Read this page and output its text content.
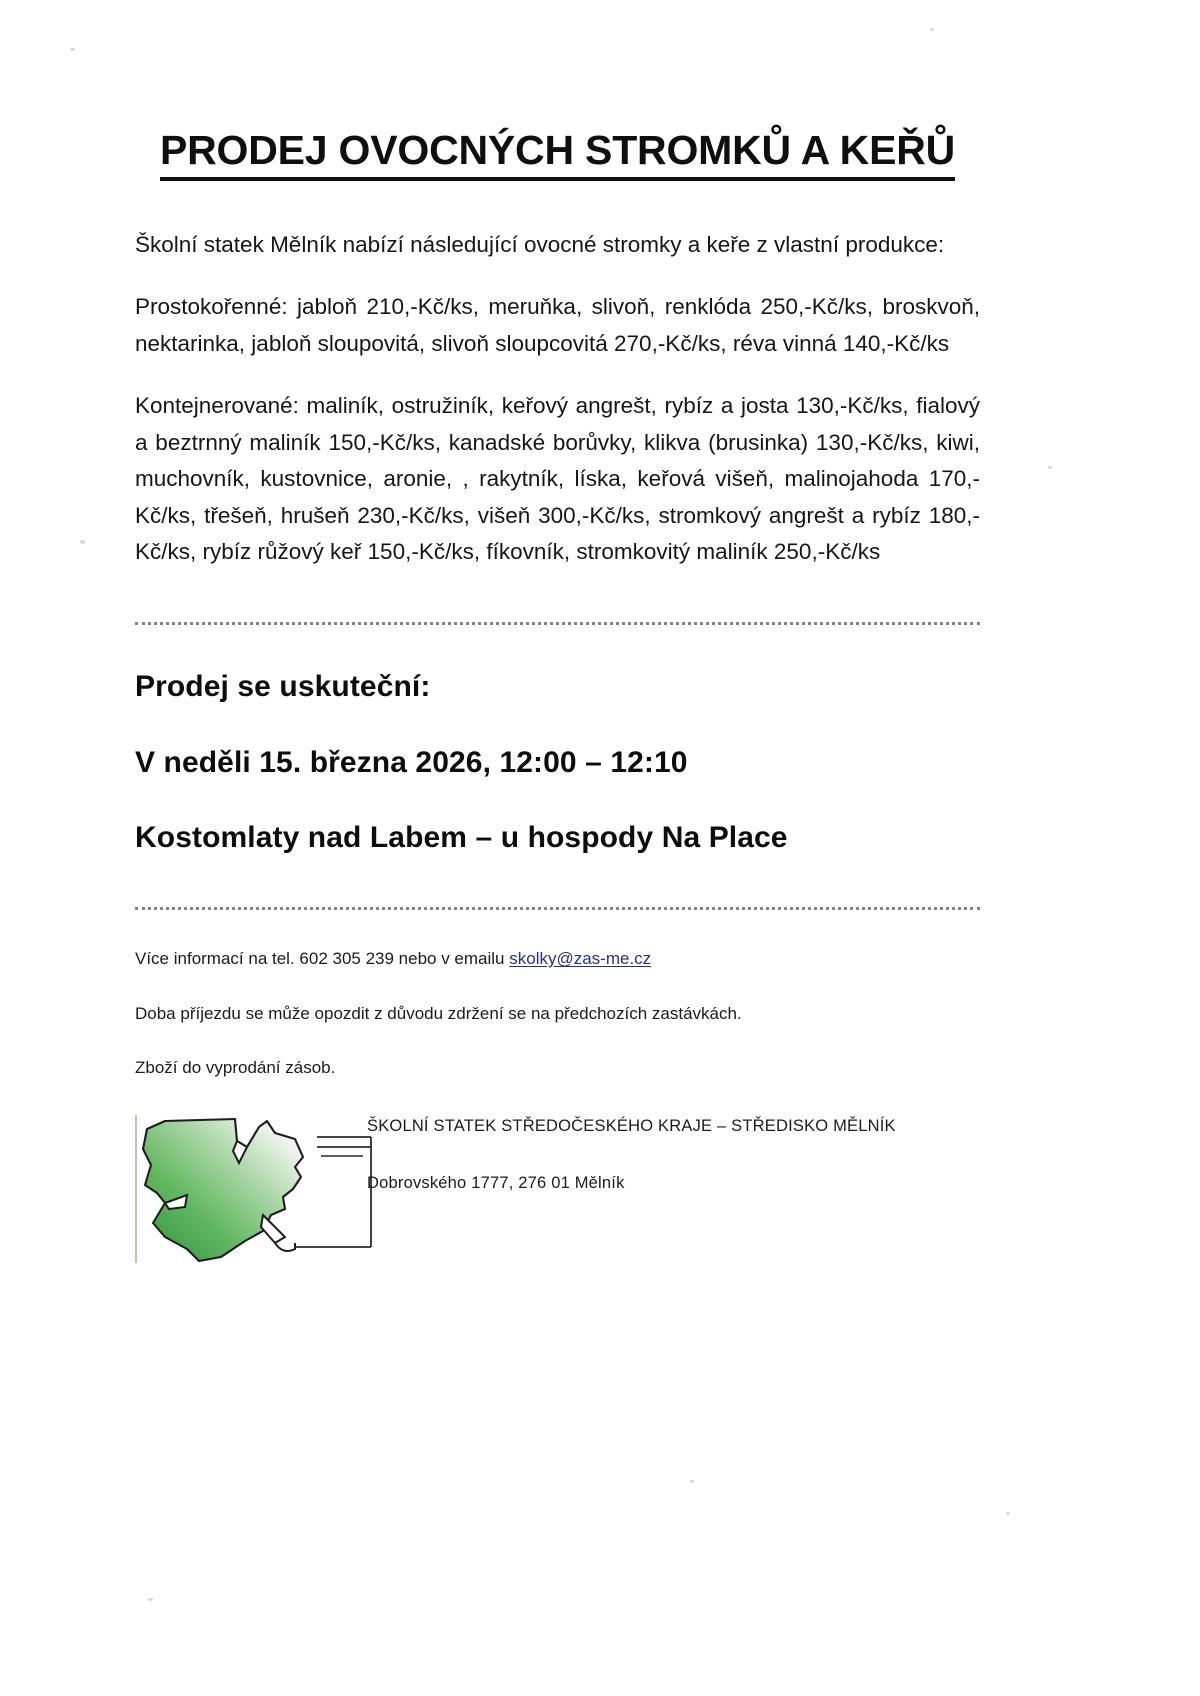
PRODEJ OVOCNÝCH STROMKŮ A KEŘŮ

Školní statek Mělník nabízí následující ovocné stromky a keře z vlastní produkce:

Prostokořenné: jabloň 210,-Kč/ks, meruňka, slivoň, renklóda 250,-Kč/ks, broskvoň, nektarinka, jabloň sloupovitá, slivoň sloupcovitá 270,-Kč/ks, réva vinná 140,-Kč/ks

Kontejnerované: maliník, ostružiník, keřový angrešt, rybíz a josta 130,-Kč/ks, fialový a beztrnný maliník 150,-Kč/ks, kanadské borůvky, klikva (brusinka) 130,-Kč/ks, kiwi, muchovník, kustovnice, aronie, , rakytník, líska, keřová višeň, malinojahoda 170,-Kč/ks, třešeň, hrušeň 230,-Kč/ks, višeň 300,-Kč/ks, stromkový angrešt a rybíz 180,-Kč/ks, rybíz růžový keř 150,-Kč/ks, fíkovník, stromkovitý maliník 250,-Kč/ks

Prodej se uskuteční:

V neděli 15. března 2026, 12:00 – 12:10

Kostomlaty nad Labem – u hospody Na Place

Více informací na tel. 602 305 239 nebo v emailu skolky@zas-me.cz

Doba příjezdu se může opozdit z důvodu zdržení se na předchozích zastávkách.

Zboží do vyprodání zásob.

ŠKOLNÍ STATEK STŘEDOČESKÉHO KRAJE – STŘEDISKO MĚLNÍK
Dobrovského 1777, 276 01 Mělník
